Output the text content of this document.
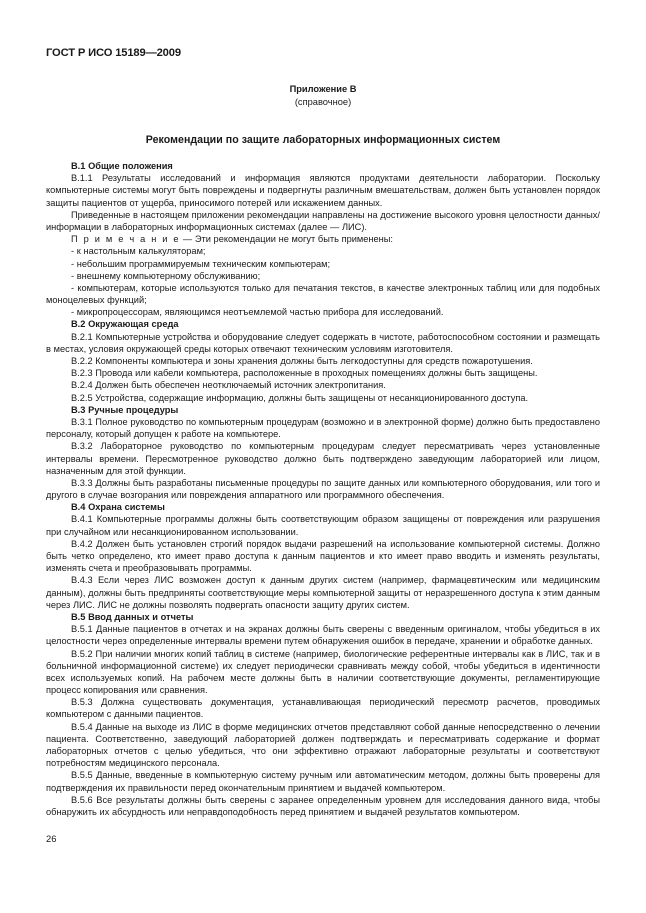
ГОСТ Р ИСО 15189—2009
Приложение В
(справочное)
Рекомендации по защите лабораторных информационных систем

В.1 Общие положения

В.1.1 Результаты исследований и информация являются продуктами деятельности лаборатории. Поскольку компьютерные системы могут быть повреждены и подвергнуты различным вмешательствам, должен быть установлен порядок защиты пациентов от ущерба, приносимого потерей или искажением данных.

Приведенные в настоящем приложении рекомендации направлены на достижение высокого уровня целостности данных/информации в лабораторных информационных системах (далее — ЛИС).

П р и м е ч а н и е — Эти рекомендации не могут быть применены:

- к настольным калькуляторам;

- небольшим программируемым техническим компьютерам;

- внешнему компьютерному обслуживанию;

- компьютерам, которые используются только для печатания текстов, в качестве электронных таблиц или для подобных моноцелевых функций;

- микропроцессорам, являющимся неотъемлемой частью прибора для исследований.

В.2 Окружающая среда

В.2.1 Компьютерные устройства и оборудование следует содержать в чистоте, работоспособном состоянии и размещать в местах, условия окружающей среды которых отвечают техническим условиям изготовителя.

В.2.2 Компоненты компьютера и зоны хранения должны быть легкодоступны для средств пожаротушения.

В.2.3 Провода или кабели компьютера, расположенные в проходных помещениях должны быть защищены.

В.2.4 Должен быть обеспечен неотключаемый источник электропитания.

В.2.5 Устройства, содержащие информацию, должны быть защищены от несанкционированного доступа.

В.3 Ручные процедуры

В.3.1 Полное руководство по компьютерным процедурам (возможно и в электронной форме) должно быть предоставлено персоналу, который допущен к работе на компьютере.

В.3.2 Лабораторное руководство по компьютерным процедурам следует пересматривать через установленные интервалы времени. Пересмотренное руководство должно быть подтверждено заведующим лабораторией или лицом, назначенным для этой функции.

В.3.3 Должны быть разработаны письменные процедуры по защите данных или компьютерного оборудования, или того и другого в случае возгорания или повреждения аппаратного или программного обеспечения.

В.4 Охрана системы

В.4.1 Компьютерные программы должны быть соответствующим образом защищены от повреждения или разрушения при случайном или несанкционированном использовании.

В.4.2 Должен быть установлен строгий порядок выдачи разрешений на использование компьютерной системы. Должно быть четко определено, кто имеет право доступа к данным пациентов и кто имеет право вводить и изменять результаты, изменять счета и преобразовывать программы.

В.4.3 Если через ЛИС возможен доступ к данным других систем (например, фармацевтическим или медицинским данным), должны быть предприняты соответствующие меры компьютерной защиты от неразрешенного доступа к этим данным через ЛИС. ЛИС не должны позволять подвергать опасности защиту других систем.

В.5 Ввод данных и отчеты

В.5.1 Данные пациентов в отчетах и на экранах должны быть сверены с введенным оригиналом, чтобы убедиться в их целостности через определенные интервалы времени путем обнаружения ошибок в передаче, хранении и обработке данных.

В.5.2 При наличии многих копий таблиц в системе (например, биологические референтные интервалы как в ЛИС, так и в больничной информационной системе) их следует периодически сравнивать между собой, чтобы убедиться в идентичности всех используемых копий. На рабочем месте должны быть в наличии соответствующие документы, регламентирующие процесс копирования или сравнения.

В.5.3 Должна существовать документация, устанавливающая периодический пересмотр расчетов, проводимых компьютером с данными пациентов.

В.5.4 Данные на выходе из ЛИС в форме медицинских отчетов представляют собой данные непосредственно о лечении пациента. Соответственно, заведующий лабораторией должен подтверждать и пересматривать содержание и формат лабораторных отчетов с целью убедиться, что они эффективно отражают лабораторные результаты и соответствуют потребностям медицинского персонала.

В.5.5 Данные, введенные в компьютерную систему ручным или автоматическим методом, должны быть проверены для подтверждения их правильности перед окончательным принятием и выдачей компьютером.

В.5.6 Все результаты должны быть сверены с заранее определенным уровнем для исследования данного вида, чтобы обнаружить их абсурдность или неправдоподобность перед принятием и выдачей результатов компьютером.

26
